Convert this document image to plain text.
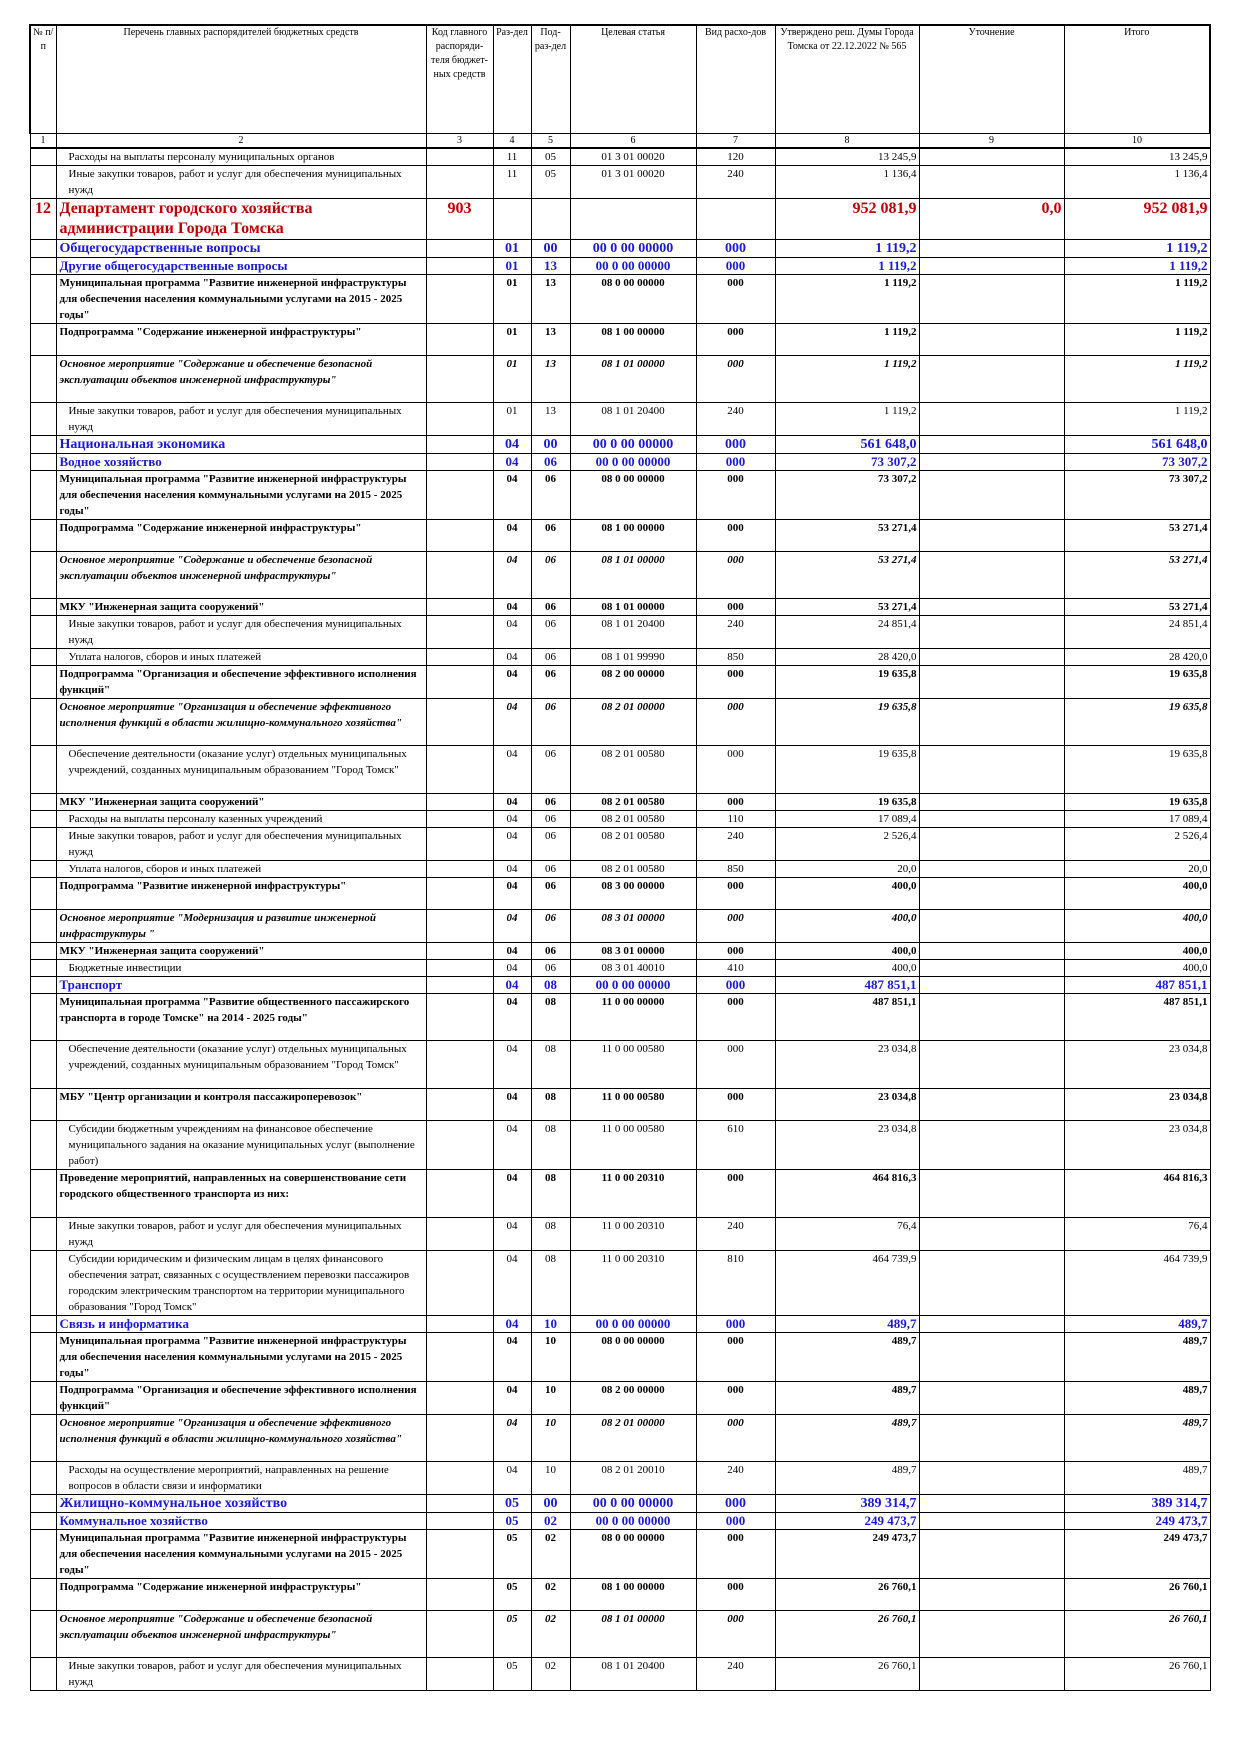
№ п/п	Перечень главных распорядителей бюджетных средств	Код главного распоряди-теля бюджет-ных средств	Раз-дел	Под-раз-дел	Целевая статья	Вид расхо-дов	Утверждено реш. Думы Города Томска от 22.12.2022 № 565	Уточнение	Итого
1	2	3	4	5	6	7	8	9	10
	Расходы на выплаты персоналу муниципальных органов		11	05	01 3 01 00020	120	13 245,9		13 245,9
	Иные закупки товаров, работ и услуг для обеспечения муниципальных нужд		11	05	01 3 01 00020	240	1 136,4		1 136,4
12	Департамент городского хозяйства администрации Города Томска	903					952 081,9	0,0	952 081,9
	Общегосударственные вопросы		01	00	00 0 00 00000	000	1 119,2		1 119,2
	Другие общегосударственные вопросы		01	13	00 0 00 00000	000	1 119,2		1 119,2
	Муниципальная программа "Развитие инженерной инфраструктуры для обеспечения населения коммунальными услугами на 2015 - 2025 годы"		01	13	08 0 00 00000	000	1 119,2		1 119,2
	Подпрограмма "Содержание инженерной инфраструктуры"		01	13	08 1 00 00000	000	1 119,2		1 119,2
	Основное мероприятие "Содержание и обеспечение безопасной эксплуатации объектов инженерной инфраструктуры"		01	13	08 1 01 00000	000	1 119,2		1 119,2
	Иные закупки товаров, работ и услуг для обеспечения муниципальных нужд		01	13	08 1 01 20400	240	1 119,2		1 119,2
	Национальная экономика		04	00	00 0 00 00000	000	561 648,0		561 648,0
	Водное хозяйство		04	06	00 0 00 00000	000	73 307,2		73 307,2
	Муниципальная программа "Развитие инженерной инфраструктуры для обеспечения населения коммунальными услугами на 2015 - 2025 годы"		04	06	08 0 00 00000	000	73 307,2		73 307,2
	Подпрограмма "Содержание инженерной инфраструктуры"		04	06	08 1 00 00000	000	53 271,4		53 271,4
	Основное мероприятие "Содержание и обеспечение безопасной эксплуатации объектов инженерной инфраструктуры"		04	06	08 1 01 00000	000	53 271,4		53 271,4
	МКУ "Инженерная защита сооружений"		04	06	08 1 01 00000	000	53 271,4		53 271,4
	Иные закупки товаров, работ и услуг для обеспечения муниципальных нужд		04	06	08 1 01 20400	240	24 851,4		24 851,4
	Уплата налогов, сборов и иных платежей		04	06	08 1 01 99990	850	28 420,0		28 420,0
	Подпрограмма "Организация и обеспечение эффективного исполнения функций"		04	06	08 2 00 00000	000	19 635,8		19 635,8
	Основное мероприятие "Организация и обеспечение эффективного исполнения функций в области жилищно-коммунального хозяйства"		04	06	08 2 01 00000	000	19 635,8		19 635,8
	Обеспечение деятельности (оказание услуг) отдельных муниципальных учреждений, созданных муниципальным образованием "Город Томск"		04	06	08 2 01 00580	000	19 635,8		19 635,8
	МКУ "Инженерная защита сооружений"		04	06	08 2 01 00580	000	19 635,8		19 635,8
	Расходы на выплаты персоналу казенных учреждений		04	06	08 2 01 00580	110	17 089,4		17 089,4
	Иные закупки товаров, работ и услуг для обеспечения муниципальных нужд		04	06	08 2 01 00580	240	2 526,4		2 526,4
	Уплата налогов, сборов и иных платежей		04	06	08 2 01 00580	850	20,0		20,0
	Подпрограмма "Развитие инженерной инфраструктуры"		04	06	08 3 00 00000	000	400,0		400,0
	Основное мероприятие "Модернизация и развитие инженерной инфраструктуры "		04	06	08 3 01 00000	000	400,0		400,0
	МКУ "Инженерная защита сооружений"		04	06	08 3 01 00000	000	400,0		400,0
	Бюджетные инвестиции		04	06	08 3 01 40010	410	400,0		400,0
	Транспорт		04	08	00 0 00 00000	000	487 851,1		487 851,1
	Муниципальная программа "Развитие общественного пассажирского транспорта в городе Томске" на 2014 - 2025 годы"		04	08	11 0 00 00000	000	487 851,1		487 851,1
	Обеспечение деятельности (оказание услуг) отдельных муниципальных учреждений, созданных муниципальным образованием "Город Томск"		04	08	11 0 00 00580	000	23 034,8		23 034,8
	МБУ "Центр организации и контроля пассажироперевозок"		04	08	11 0 00 00580	000	23 034,8		23 034,8
	Субсидии бюджетным учреждениям на финансовое обеспечение муниципального задания на оказание муниципальных услуг (выполнение работ)		04	08	11 0 00 00580	610	23 034,8		23 034,8
	Проведение мероприятий, направленных на совершенствование сети городского общественного транспорта из них:		04	08	11 0 00 20310	000	464 816,3		464 816,3
	Иные закупки товаров, работ и услуг для обеспечения муниципальных нужд		04	08	11 0 00 20310	240	76,4		76,4
	Субсидии юридическим и физическим лицам в целях финансового обеспечения затрат, связанных с осуществлением перевозки пассажиров городским электрическим транспортом на территории муниципального образования "Город Томск"		04	08	11 0 00 20310	810	464 739,9		464 739,9
	Связь и информатика		04	10	00 0 00 00000	000	489,7		489,7
	Муниципальная программа "Развитие инженерной инфраструктуры для обеспечения населения коммунальными услугами на 2015 - 2025 годы"		04	10	08 0 00 00000	000	489,7		489,7
	Подпрограмма "Организация и обеспечение эффективного исполнения функций"		04	10	08 2 00 00000	000	489,7		489,7
	Основное мероприятие "Организация и обеспечение эффективного исполнения функций в области жилищно-коммунального хозяйства"		04	10	08 2 01 00000	000	489,7		489,7
	Расходы на осуществление мероприятий, направленных на решение вопросов в области связи и информатики		04	10	08 2 01 20010	240	489,7		489,7
	Жилищно-коммунальное хозяйство		05	00	00 0 00 00000	000	389 314,7		389 314,7
	Коммунальное хозяйство		05	02	00 0 00 00000	000	249 473,7		249 473,7
	Муниципальная программа "Развитие инженерной инфраструктуры для обеспечения населения коммунальными услугами на 2015 - 2025 годы"		05	02	08 0 00 00000	000	249 473,7		249 473,7
	Подпрограмма "Содержание инженерной инфраструктуры"		05	02	08 1 00 00000	000	26 760,1		26 760,1
	Основное мероприятие "Содержание и обеспечение безопасной эксплуатации объектов инженерной инфраструктуры"		05	02	08 1 01 00000	000	26 760,1		26 760,1
	Иные закупки товаров, работ и услуг для обеспечения муниципальных нужд		05	02	08 1 01 20400	240	26 760,1		26 760,1
